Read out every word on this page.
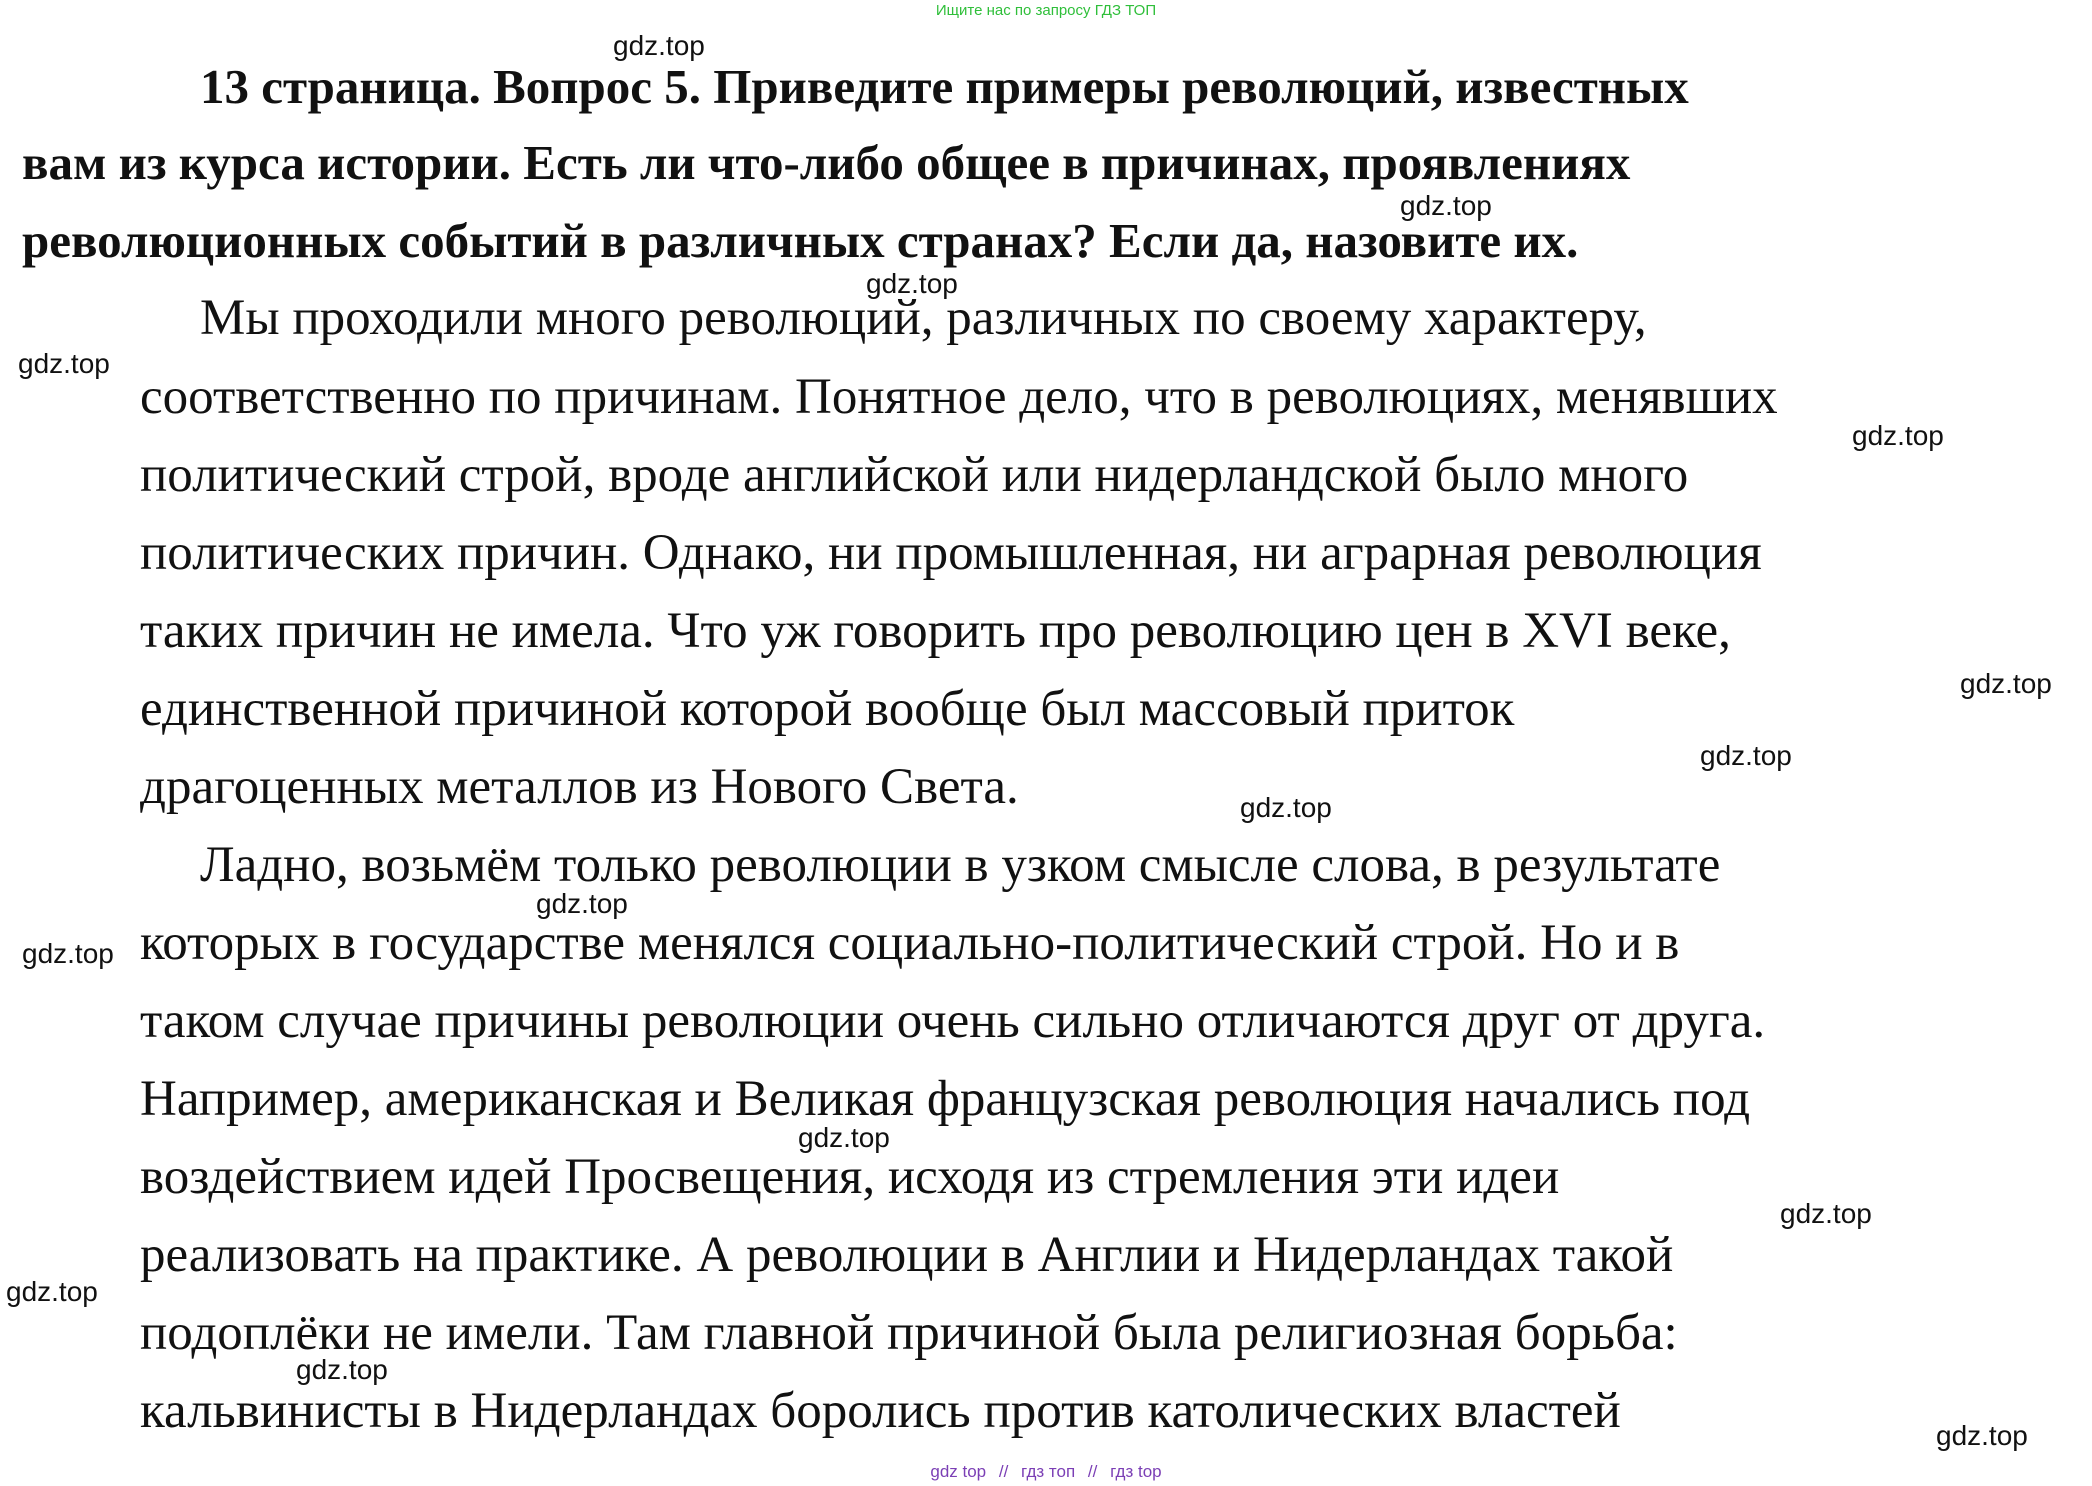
Ищите нас по запросу ГДЗ ТОП
13 страница. Вопрос 5. Приведите примеры революций, известных
вам из курса истории. Есть ли что-либо общее в причинах, проявлениях
революционных событий в различных странах? Если да, назовите их.
Мы проходили много революций, различных по своему характеру,
соответственно по причинам. Понятное дело, что в революциях, менявших
политический строй, вроде английской или нидерландской было много
политических причин. Однако, ни промышленная, ни аграрная революция
таких причин не имела. Что уж говорить про революцию цен в XVI веке,
единственной причиной которой вообще был массовый приток
драгоценных металлов из Нового Света.
Ладно, возьмём только революции в узком смысле слова, в результате
которых в государстве менялся социально-политический строй. Но и в
таком случае причины революции очень сильно отличаются друг от друга.
Например, американская и Великая французская революция начались под
воздействием идей Просвещения, исходя из стремления эти идеи
реализовать на практике. А революции в Англии и Нидерландах такой
подоплёки не имели. Там главной причиной была религиозная борьба:
кальвинисты в Нидерландах боролись против католических властей
gdz.top
gdz.top
gdz.top
gdz.top
gdz.top
gdz.top
gdz.top
gdz.top
gdz.top
gdz.top
gdz.top
gdz.top
gdz.top
gdz.top
gdz.top
gdz top // гдз топ // гдз top
